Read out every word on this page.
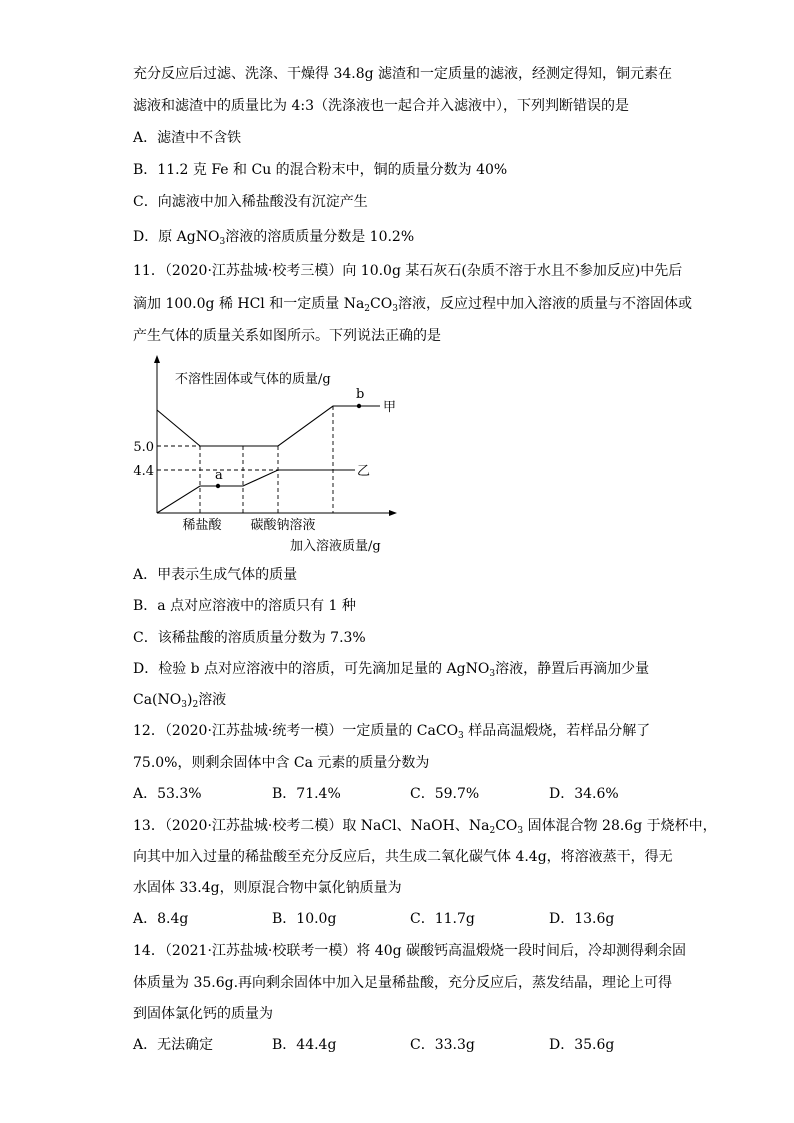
充分反应后过滤、洗涤、干燥得 34.8g 滤渣和一定质量的滤液，经测定得知，铜元素在
滤液和滤渣中的质量比为 4:3（洗涤液也一起合并入滤液中），下列判断错误的是
A．滤渣中不含铁
B．11.2 克 Fe 和 Cu 的混合粉末中，铜的质量分数为 40%
C．向滤液中加入稀盐酸没有沉淀产生
D．原 AgNO$_3$溶液的溶质质量分数是 10.2%
11．（2020·江苏盐城·校考三模）向 10.0g 某石灰石(杂质不溶于水且不参加反应)中先后
滴加 100.0g 稀 HCl 和一定质量 $Na_2CO_3$溶液，反应过程中加入溶液的质量与不溶固体或
产生气体的质量关系如图所示。下列说法正确的是
不溶性固体或气体的质量/g
5.0
4.4	a
b
甲
乙
稀盐酸 碳酸钠溶液
加入溶液质量/g
A．甲表示生成气体的质量
B．a 点对应溶液中的溶质只有 1 种
C．该稀盐酸的溶质质量分数为 7.3%
D．检验 b 点对应溶液中的溶质，可先滴加足量的 AgNO$_3$溶液，静置后再滴加少量
$Ca(NO_3)_2$溶液
12．（2020·江苏盐城·统考一模）一定质量的 CaCO$_3$ 样品高温煅烧，若样品分解了
75.0%，则剩余固体中含 Ca 元素的质量分数为
A．53.3%	B．71.4%	C．59.7%	D．34.6%
13．（2020·江苏盐城·校考二模）取 NaCl、NaOH、$Na_2CO_3$ 固体混合物 28.6g 于烧杯中，
向其中加入过量的稀盐酸至充分反应后，共生成二氧化碳气体 4.4g，将溶液蒸干，得无
水固体 33.4g，则原混合物中氯化钠质量为
A．8.4g	B．10.0g	C．11.7g	D．13.6g
14．（2021·江苏盐城·校联考一模）将 40g 碳酸钙高温煅烧一段时间后，冷却测得剩余固
体质量为 35.6g.再向剩余固体中加入足量稀盐酸，充分反应后，蒸发结晶，理论上可得
到固体氯化钙的质量为
A．无法确定	B．44.4g	C．33.3g	D．35.6g
